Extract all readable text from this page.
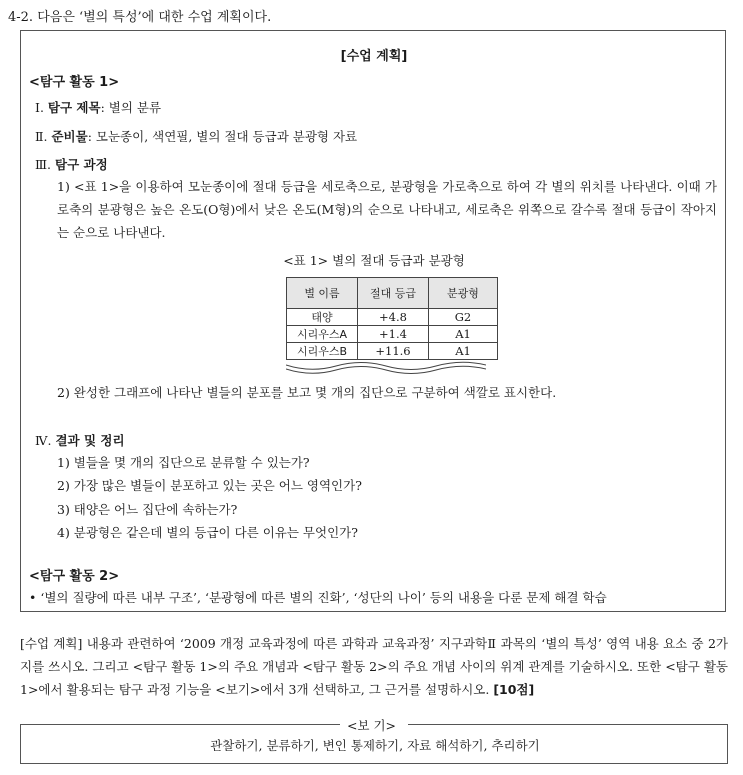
4-2. 다음은 ‘별의 특성’에 대한 수업 계획이다.
[수업 계획]
<탐구 활동 1>
Ⅰ. 탐구 제목: 별의 분류
Ⅱ. 준비물: 모눈종이, 색연필, 별의 절대 등급과 분광형 자료
Ⅲ. 탐구 과정
1) <표 1>을 이용하여 모눈종이에 절대 등급을 세로축으로, 분광형을 가로축으로 하여 각 별의 위치를 나타낸다. 이때 가로축의 분광형은 높은 온도(O형)에서 낮은 온도(M형)의 순으로 나타내고, 세로축은 위쪽으로 갈수록 절대 등급이 작아지는 순으로 나타낸다.
<표 1> 별의 절대 등급과 분광형
별 이름	절대 등급	분광형
태양	+4.8	G2
시리우스A	+1.4	A1
시리우스B	+11.6	A1
2) 완성한 그래프에 나타난 별들의 분포를 보고 몇 개의 집단으로 구분하여 색깔로 표시한다.
Ⅳ. 결과 및 정리
1) 별들을 몇 개의 집단으로 분류할 수 있는가?
2) 가장 많은 별들이 분포하고 있는 곳은 어느 영역인가?
3) 태양은 어느 집단에 속하는가?
4) 분광형은 같은데 별의 등급이 다른 이유는 무엇인가?
<탐구 활동 2>
• ‘별의 질량에 따른 내부 구조’, ‘분광형에 따른 별의 진화’, ‘성단의 나이’ 등의 내용을 다룬 문제 해결 학습
[수업 계획] 내용과 관련하여 ‘2009 개정 교육과정에 따른 과학과 교육과정’ 지구과학Ⅱ 과목의 ‘별의 특성’ 영역 내용 요소 중 2가지를 쓰시오. 그리고 <탐구 활동 1>의 주요 개념과 <탐구 활동 2>의 주요 개념 사이의 위계 관계를 기술하시오. 또한 <탐구 활동 1>에서 활용되는 탐구 과정 기능을 <보기>에서 3개 선택하고, 그 근거를 설명하시오. [10점]
<보 기>
관찰하기, 분류하기, 변인 통제하기, 자료 해석하기, 추리하기
